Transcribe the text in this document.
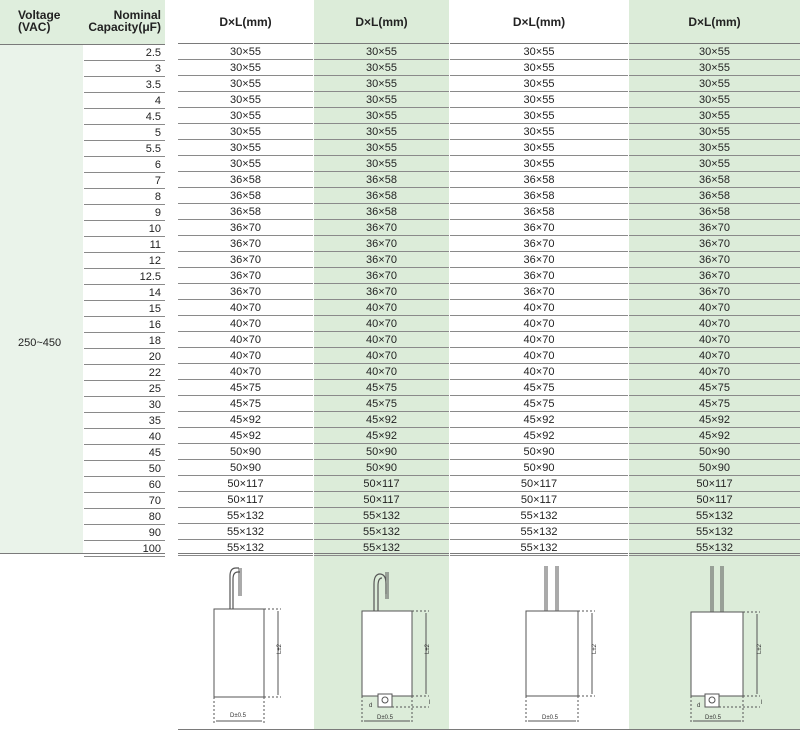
Voltage (VAC)
Nominal Capacity(μF)
250~450
2.5
3
3.5
4
4.5
5
5.5
6
7
8
9
10
11
12
12.5
14
15
16
18
20
22
25
30
35
40
45
50
60
70
80
90
100
D×L(mm)
30×55
30×55
30×55
30×55
30×55
30×55
30×55
30×55
36×58
36×58
36×58
36×70
36×70
36×70
36×70
36×70
40×70
40×70
40×70
40×70
40×70
45×75
45×75
45×92
45×92
50×90
50×90
50×117
50×117
55×132
55×132
55×132
L±2
D±0.5
D×L(mm)
30×55
30×55
30×55
30×55
30×55
30×55
30×55
30×55
36×58
36×58
36×58
36×70
36×70
36×70
36×70
36×70
40×70
40×70
40×70
40×70
40×70
45×75
45×75
45×92
45×92
50×90
50×90
50×117
50×117
55×132
55×132
55×132
L±2
l
d
D±0.5
D×L(mm)
30×55
30×55
30×55
30×55
30×55
30×55
30×55
30×55
36×58
36×58
36×58
36×70
36×70
36×70
36×70
36×70
40×70
40×70
40×70
40×70
40×70
45×75
45×75
45×92
45×92
50×90
50×90
50×117
50×117
55×132
55×132
55×132
L±2
D±0.5
D×L(mm)
30×55
30×55
30×55
30×55
30×55
30×55
30×55
30×55
36×58
36×58
36×58
36×70
36×70
36×70
36×70
36×70
40×70
40×70
40×70
40×70
40×70
45×75
45×75
45×92
45×92
50×90
50×90
50×117
50×117
55×132
55×132
55×132
L±2
l
d
D±0.5
